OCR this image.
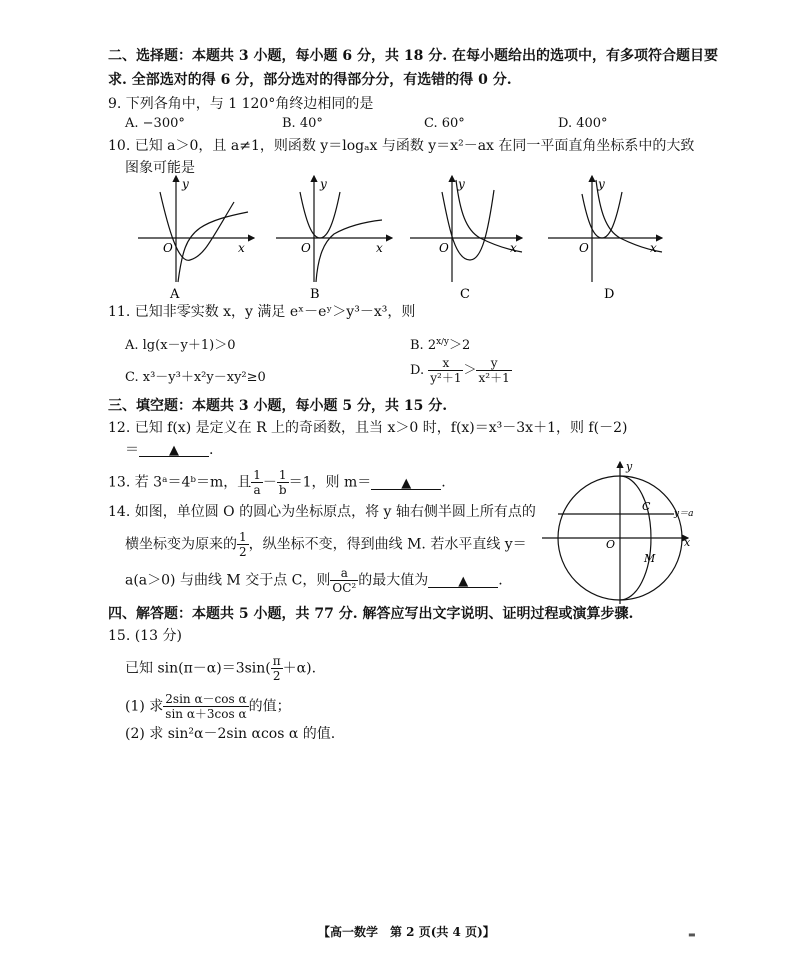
二、选择题：本题共 3 小题，每小题 6 分，共 18 分. 在每小题给出的选项中，有多项符合题目要
求. 全部选对的得 6 分，部分选对的得部分分，有选错的得 0 分.
9. 下列各角中，与 1 120°角终边相同的是
A. −300°	B. 40°	C. 60°	D. 400°
10. 已知 a＞0，且 a≠1，则函数 y＝logₐx 与函数 y＝x²－ax 在同一平面直角坐标系中的大致
图象可能是
y
x
O
A
y
x
O
B
y
x
O
C
y
x
O
D
11. 已知非零实数 x，y 满足 eˣ－eʸ＞y³－x³，则
A. lg(x－y＋1)＞0	B. $2^{x/y}>2$
C. x³－y³＋x²y－xy²≥0	D. $\frac{x}{\text{y²＋1}} > \frac{y}{\text{x²＋1}}$
三、填空题：本题共 3 小题，每小题 5 分，共 15 分.
12. 已知 f(x) 是定义在 R 上的奇函数，且当 x＞0 时，f(x)＝x³－3x＋1，则 f(－2)
＝ ▲ .
13. 若 3ᵃ＝4ᵇ＝m，且 $\frac{1}{a} - \frac{1}{b} =1$，则 m＝ ▲ .
14. 如图，单位圆 O 的圆心为坐标原点，将 y 轴右侧半圆上所有点的
横坐标变为原来的 $\frac{1}{2}$ ，纵坐标不变，得到曲线 M. 若水平直线 y＝
a(a＞0) 与曲线 M 交于点 C，则 $\frac{a}{\text{OC²}}$ 的最大值为 ▲ .
y
x
O
C
M
y＝a
四、解答题：本题共 5 小题，共 77 分. 解答应写出文字说明、证明过程或演算步骤.
15. (13 分)
已知 $\sin(\pi-\alpha)=3\sin( \frac{\pi}{2} +\alpha)$.
(1) 求 $\frac{\text{2sin α－cos α}}{\text{sin α＋3cos α}}$ 的值；
(2) 求 sin²α－2sin αcos α 的值.
【高一数学　第 2 页(共 4 页)】	▬
